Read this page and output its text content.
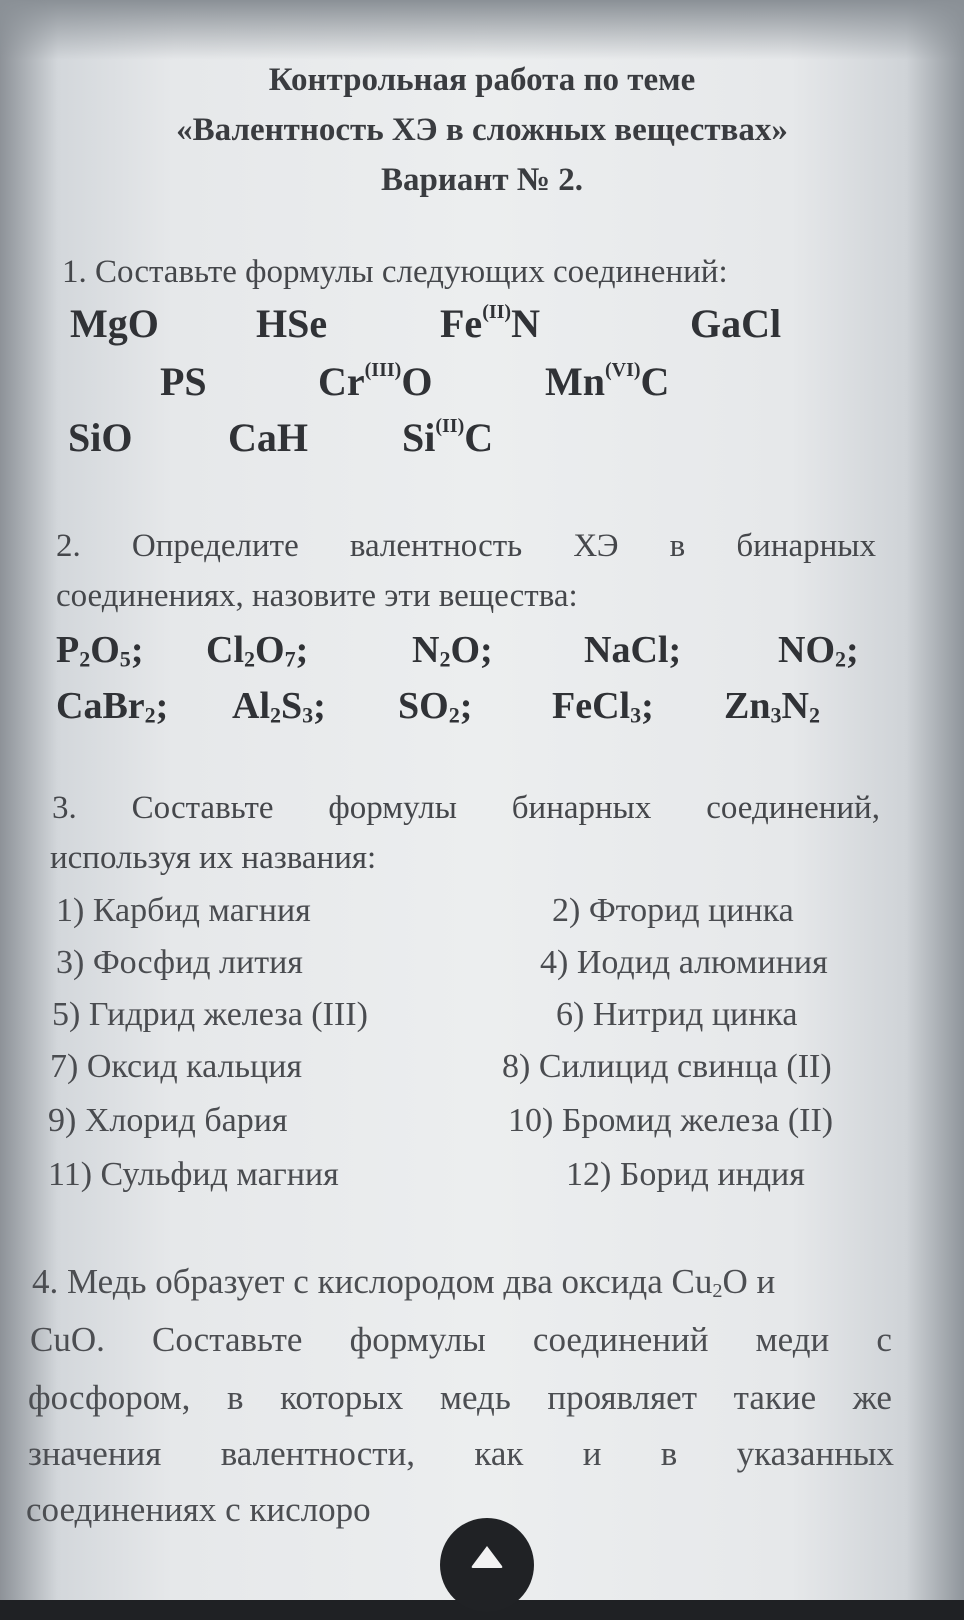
Контрольная работа по теме
«Валентность ХЭ в сложных веществах»
Вариант № 2.
1. Составьте формулы следующих соединений:
MgO HSe	$Fe^{(II)}N$	GaCl
PS	$Cr^{(III)}O$	$Mn^{(VI)}C$
SiO CaH $Si^{(II)}C$
2. Определите валентность ХЭ в бинарных
соединениях, назовите эти вещества:
$P_2O_5$; $Cl_2O_7$;	$N_2O$; NaCl;	$NO_2$;
CaBr$_2$; $Al_2S_3$; $SO_2$; FeCl$_3$; $Zn_3N_2$
3. Составьте формулы бинарных соединений,
используя их названия:
1) Карбид магния	2) Фторид цинка
3) Фосфид лития	4) Иодид алюминия
5) Гидрид железа (III)	6) Нитрид цинка
7) Оксид кальция	8) Силицид свинца (II)
9) Хлорид бария	10) Бромид железа (II)
11) Сульфид магния	12) Борид индия
4. Медь образует с кислородом два оксида $Cu_2O$ и
CuO. Составьте формулы соединений меди с
фосфором, в которых медь проявляет такие же
значения валентности, как и в указанных
соединениях с кислоро
